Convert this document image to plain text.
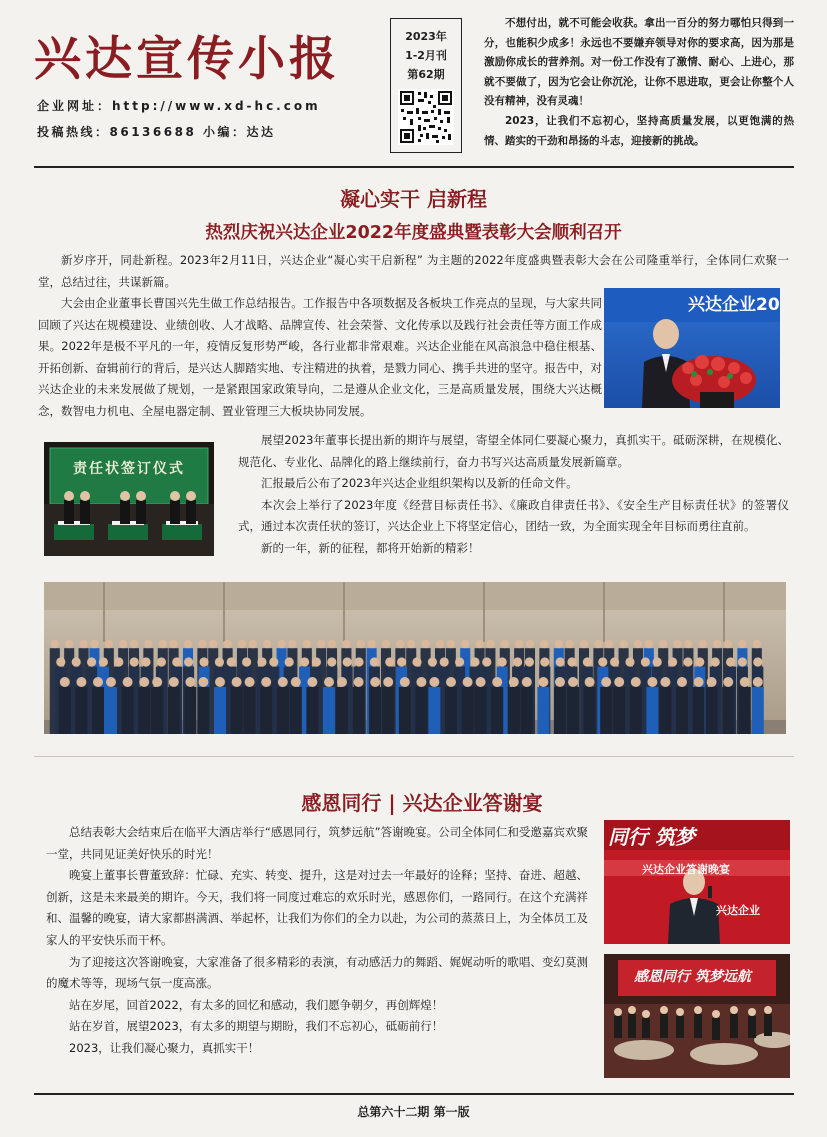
兴达宣传小报
企业网址：http://www.xd-hc.com
投稿热线：86136688 小编：达达
2023年
1-2月刊
第62期

不想付出，就不可能会收获。拿出一百分的努力哪怕只得到一分，也能积少成多！永远也不要嫌弃领导对你的要求高，因为那是激励你成长的营养剂。对一份工作没有了激情、耐心、上进心，那就不要做了，因为它会让你沉沦，让你不思进取，更会让你整个人没有精神，没有灵魂！

2023，让我们不忘初心，坚持高质量发展，以更饱满的热情、踏实的干劲和昂扬的斗志，迎接新的挑战。

凝心实干 启新程
热烈庆祝兴达企业2022年度盛典暨表彰大会顺利召开

新岁序开，同赴新程。2023年2月11日，兴达企业“凝心实干启新程” 为主题的2022年度盛典暨表彰大会在公司隆重举行，全体同仁欢聚一堂，总结过往，共谋新篇。

大会由企业董事长曹国兴先生做工作总结报告。工作报告中各项数据及各板块工作亮点的呈现，与大家共同回顾了兴达在规模建设、业绩创收、人才战略、品牌宣传、社会荣誉、文化传承以及践行社会责任等方面工作成果。2022年是极不平凡的一年，疫情反复形势严峻，各行业都非常艰难。兴达企业能在风高浪急中稳住根基、开拓创新、奋辑前行的背后，是兴达人脚踏实地、专注精进的执着，是戮力同心、携手共进的坚守。报告中，对兴达企业的未来发展做了规划，一是紧跟国家政策导向，二是遵从企业文化，三是高质量发展，围绕大兴达概念，数智电力机电、全屋电器定制、置业管理三大板块协同发展。

兴达企业20
责任状签订仪式

展望2023年董事长提出新的期许与展望，寄望全体同仁要凝心聚力，真抓实干。砥砺深耕，在规模化、规范化、专业化、品牌化的路上继续前行，奋力书写兴达高质量发展新篇章。

汇报最后公布了2023年兴达企业组织架构以及新的任命文件。

本次会上举行了2023年度《经营目标责任书》、《廉政自律责任书》、《安全生产目标责任状》的签署仪式，通过本次责任状的签订，兴达企业上下将坚定信心，团结一致，为全面实现全年目标而勇往直前。

新的一年，新的征程，都将开始新的精彩！

感恩同行 | 兴达企业答谢宴

总结表彰大会结束后在临平大酒店举行“感恩同行，筑梦远航”答谢晚宴。公司全体同仁和受邀嘉宾欢聚一堂，共同见证美好快乐的时光！

晚宴上董事长曹董致辞：忙碌、充实、转变、提升，这是对过去一年最好的诠释；坚持、奋进、超越、创新，这是未来最美的期许。今天，我们将一同度过难忘的欢乐时光，感恩你们，一路同行。在这个充满祥和、温馨的晚宴，请大家都斟满酒、举起杯，让我们为你们的全力以赴，为公司的蒸蒸日上，为全体员工及家人的平安快乐而干杯。

为了迎接这次答谢晚宴，大家准备了很多精彩的表演，有动感活力的舞蹈、娓娓动听的歌唱、变幻莫测的魔术等等，现场气氛一度高涨。

站在岁尾，回首2022，有太多的回忆和感动，我们愿争朝夕，再创辉煌！

站在岁首，展望2023，有太多的期望与期盼，我们不忘初心，砥砺前行！

2023，让我们凝心聚力，真抓实干！

同行 筑梦
兴达企业答谢晚宴
兴达企业
感恩同行 筑梦远航
总第六十二期 第一版
